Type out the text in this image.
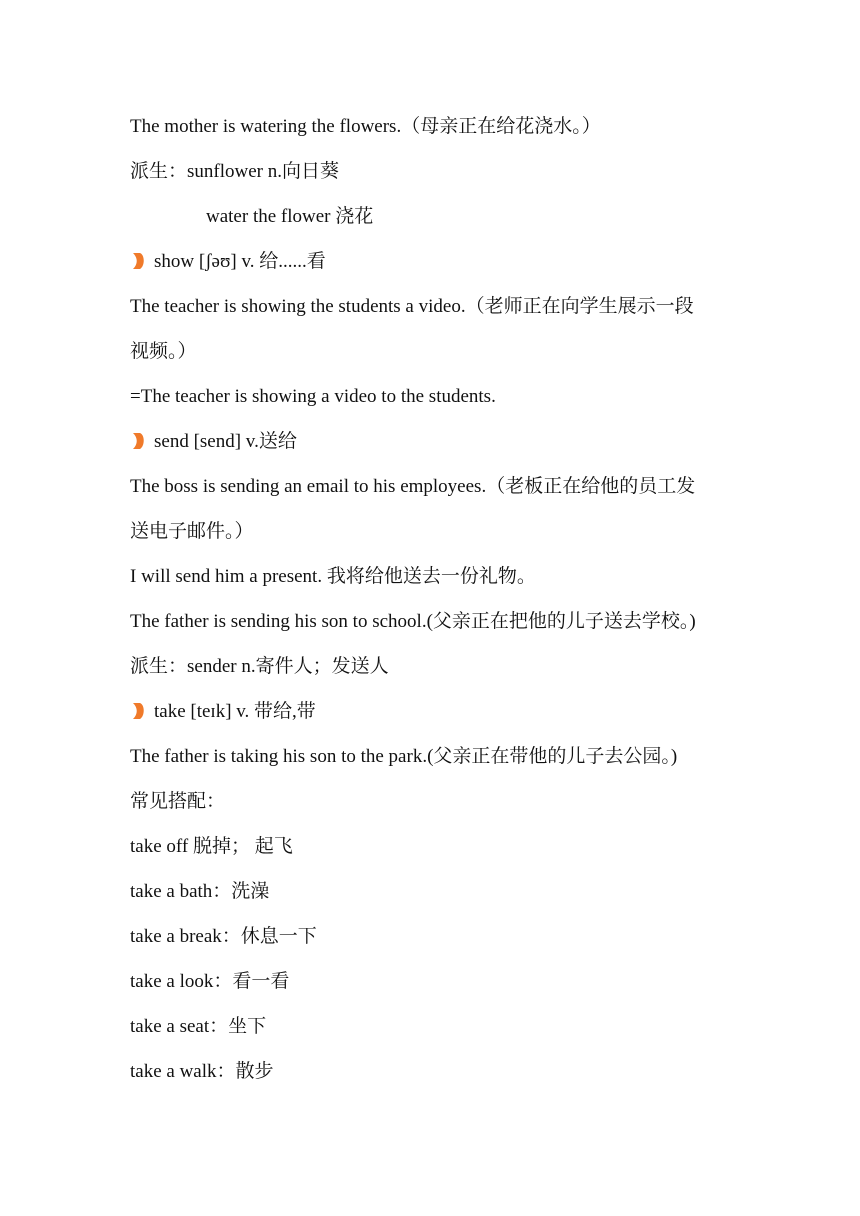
The mother is watering the flowers.（母亲正在给花浇水。）
派生：sunflower n.向日葵
water the flower 浇花
show [ʃəʊ] v. 给......看
The teacher is showing the students a video.（老师正在向学生展示一段
视频。）
=The teacher is showing a video to the students.
send [send] v.送给
The boss is sending an email to his employees.（老板正在给他的员工发
送电子邮件。）
I will send him a present. 我将给他送去一份礼物。
The father is sending his son to school.(父亲正在把他的儿子送去学校。)
派生：sender n.寄件人；发送人
take [teɪk] v. 带给,带
The father is taking his son to the park.(父亲正在带他的儿子去公园。)
常见搭配：
take off 脱掉； 起飞
take a bath：洗澡
take a break：休息一下
take a look：看一看
take a seat：坐下
take a walk：散步
